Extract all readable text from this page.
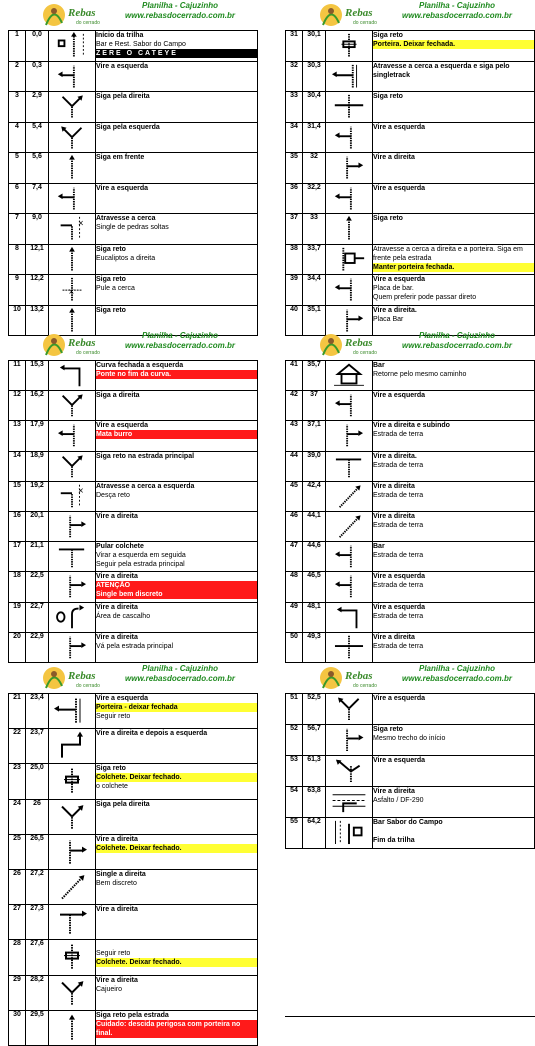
Rebas
do cerrado
Planilha - Cajuzinho
www.rebasdocerrado.com.br
1	0,0		Início da trilha
Bar e Rest. Sabor do Campo
ZERE O CATEYE

2	0,3		Vire a esquerda

3	2,9		Siga pela direita

4	5,4		Siga pela esquerda

5	5,6		Siga em frente

6	7,4		Vire a esquerda

7	9,0	×	Atravesse a cerca
Single de pedras soltas

8	12,1		Siga reto
Eucaliptos a direita

9	12,2	×	Siga reto
Pule a cerca

10	13,2		Siga reto
Rebas
do cerrado
Planilha - Cajuzinho
www.rebasdocerrado.com.br
31	30,1		Siga reto
Porteira. Deixar fechada.

32	30,3		Atravesse a cerca a esquerda e siga pelo singletrack

33	30,4		Siga reto

34	31,4		Vire a esquerda

35	32		Vire a direita

36	32,2		Vire a esquerda

37	33		Siga reto

38	33,7		Atravesse a cerca a direita e a porteira. Siga em frente pela estrada
Manter porteira fechada.

39	34,4		Vire a esquerda
Placa de bar.
Quem preferir pode passar direto

40	35,1		Vire a direita.
Placa Bar
Rebas
do cerrado
Planilha - Cajuzinho
www.rebasdocerrado.com.br
11	15,3		Curva fechada a esquerda
Ponte no fim da curva.

12	16,2		Siga a direita

13	17,9		Vire a esquerda
Mata burro

14	18,9		Siga reto na estrada principal

15	19,2	×	Atravesse a cerca a esquerda
Desça reto

16	20,1		Vire a direita

17	21,1		Pular colchete
Virar a esquerda em seguida
Seguir pela estrada principal

18	22,5		Vire a direita
ATENÇÃO
Single bem discreto

19	22,7		Vire a direita
Área de cascalho

20	22,9		Vire a direita
Vá pela estrada principal
Rebas
do cerrado
Planilha - Cajuzinho
www.rebasdocerrado.com.br
41	35,7		Bar
Retorne pelo mesmo caminho

42	37		Vire a esquerda

43	37,1		Vire a direita e subindo
Estrada de terra

44	39,0		Vire a direita.
Estrada de terra

45	42,4		Vire a direita
Estrada de terra

46	44,1		Vire a direita
Estrada de terra

47	44,6		Bar
Estrada de terra

48	46,5		Vire a esquerda
Estrada de terra

49	48,1		Vire a esquerda
Estrada de terra

50	49,3		Vire a direita
Estrada de terra
Rebas
do cerrado
Planilha - Cajuzinho
www.rebasdocerrado.com.br
21	23,4		Vire a esquerda
Porteira - deixar fechada
Seguir reto

22	23,7		Vire a direita e depois a esquerda

23	25,0		Siga reto
Colchete. Deixar fechado.
o colchete

24	26		Siga pela direita

25	26,5		Vire a direita
Colchete. Deixar fechado.

26	27,2		Single a direita
Bem discreto

27	27,3		Vire a direita

28	27,6		Seguir reto
Colchete. Deixar fechado.

29	28,2		Vire a direita
Cajueiro

30	29,5		Siga reto pela estrada
Cuidado: descida perigosa com porteira no final.
Rebas
do cerrado
Planilha - Cajuzinho
www.rebasdocerrado.com.br
51	52,5		Vire a esquerda

52	56,7		Siga reto
Mesmo trecho do início

53	61,3		Vire a esquerda

54	63,8		Vire a direita
Asfalto / DF-290

55	64,2		Bar Sabor do Campo
Fim da trilha
